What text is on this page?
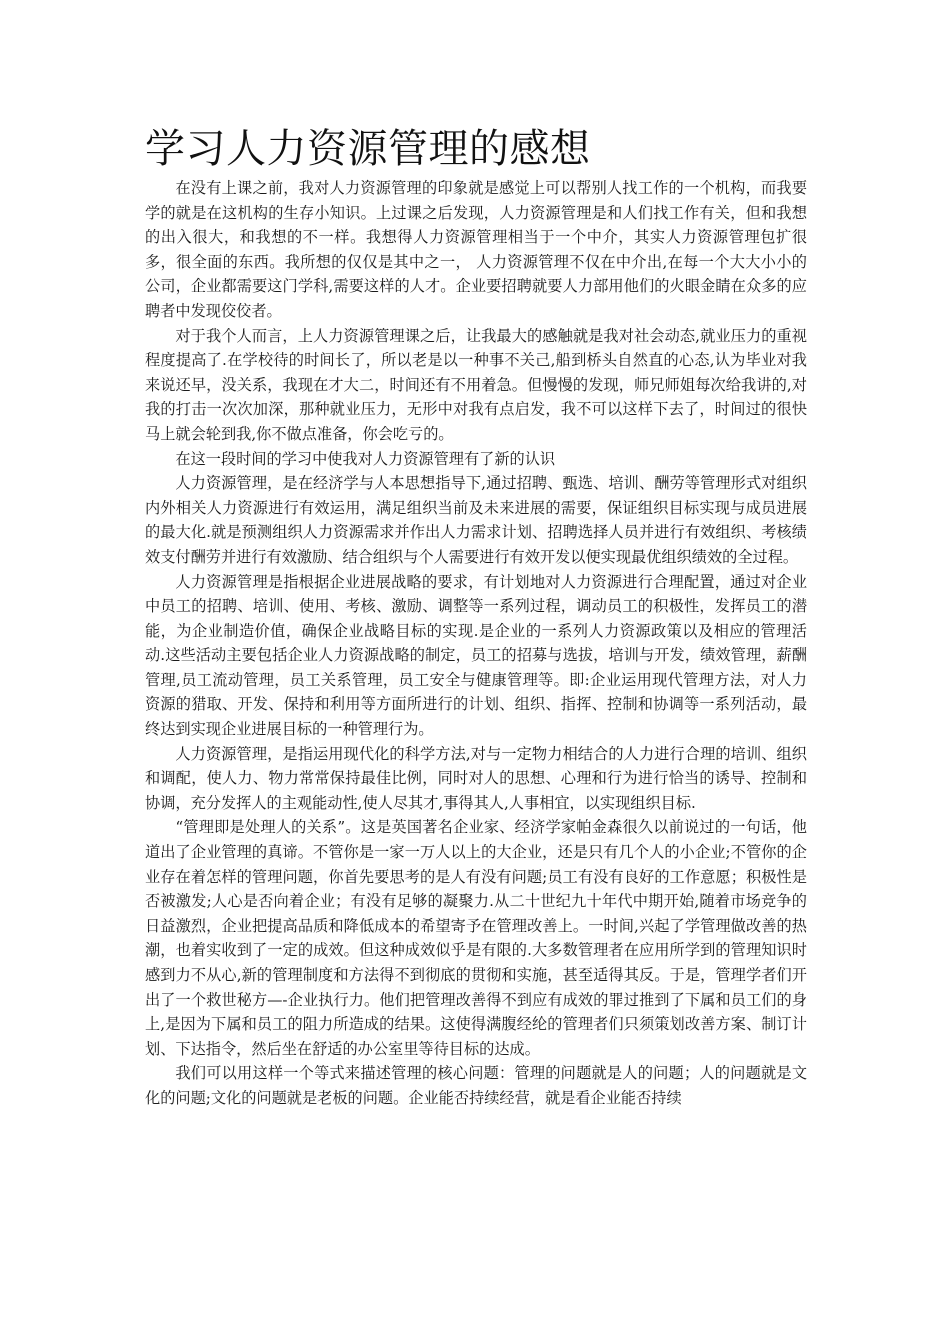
学习人力资源管理的感想

在没有上课之前，我对人力资源管理的印象就是感觉上可以帮别人找工作的一个机构，而我要学的就是在这机构的生存小知识。上过课之后发现，人力资源管理是和人们找工作有关，但和我想的出入很大，和我想的不一样。我想得人力资源管理相当于一个中介，其实人力资源管理包扩很多，很全面的东西。我所想的仅仅是其中之一， 人力资源管理不仅在中介出,在每一个大大小小的公司，企业都需要这门学科,需要这样的人才。企业要招聘就要人力部用他们的火眼金睛在众多的应聘者中发现佼佼者。

对于我个人而言，上人力资源管理课之后，让我最大的感触就是我对社会动态,就业压力的重视程度提高了.在学校待的时间长了，所以老是以一种事不关己,船到桥头自然直的心态,认为毕业对我来说还早，没关系，我现在才大二，时间还有不用着急。但慢慢的发现，师兄师姐每次给我讲的,对我的打击一次次加深，那种就业压力，无形中对我有点启发，我不可以这样下去了，时间过的很快马上就会轮到我,你不做点准备，你会吃亏的。

在这一段时间的学习中使我对人力资源管理有了新的认识

人力资源管理，是在经济学与人本思想指导下,通过招聘、甄选、培训、酬劳等管理形式对组织内外相关人力资源进行有效运用，满足组织当前及未来进展的需要，保证组织目标实现与成员进展的最大化.就是预测组织人力资源需求并作出人力需求计划、招聘选择人员并进行有效组织、考核绩效支付酬劳并进行有效激励、结合组织与个人需要进行有效开发以便实现最优组织绩效的全过程。

人力资源管理是指根据企业进展战略的要求，有计划地对人力资源进行合理配置，通过对企业中员工的招聘、培训、使用、考核、激励、调整等一系列过程，调动员工的积极性，发挥员工的潜能，为企业制造价值，确保企业战略目标的实现.是企业的一系列人力资源政策以及相应的管理活动.这些活动主要包括企业人力资源战略的制定，员工的招募与选拔，培训与开发，绩效管理，薪酬管理,员工流动管理，员工关系管理，员工安全与健康管理等。即:企业运用现代管理方法，对人力资源的猎取、开发、保持和利用等方面所进行的计划、组织、指挥、控制和协调等一系列活动，最终达到实现企业进展目标的一种管理行为。

人力资源管理，是指运用现代化的科学方法,对与一定物力相结合的人力进行合理的培训、组织和调配，使人力、物力常常保持最佳比例，同时对人的思想、心理和行为进行恰当的诱导、控制和协调，充分发挥人的主观能动性,使人尽其才,事得其人,人事相宜，以实现组织目标.

“管理即是处理人的关系”。这是英国著名企业家、经济学家帕金森很久以前说过的一句话，他道出了企业管理的真谛。不管你是一家一万人以上的大企业，还是只有几个人的小企业;不管你的企业存在着怎样的管理问题，你首先要思考的是人有没有问题;员工有没有良好的工作意愿；积极性是否被激发;人心是否向着企业；有没有足够的凝聚力.从二十世纪九十年代中期开始,随着市场竞争的日益激烈，企业把提高品质和降低成本的希望寄予在管理改善上。一时间,兴起了学管理做改善的热潮，也着实收到了一定的成效。但这种成效似乎是有限的.大多数管理者在应用所学到的管理知识时感到力不从心,新的管理制度和方法得不到彻底的贯彻和实施，甚至适得其反。于是，管理学者们开出了一个救世秘方—-企业执行力。他们把管理改善得不到应有成效的罪过推到了下属和员工们的身上,是因为下属和员工的阻力所造成的结果。这使得满腹经纶的管理者们只须策划改善方案、制订计划、下达指令，然后坐在舒适的办公室里等待目标的达成。

我们可以用这样一个等式来描述管理的核心问题：管理的问题就是人的问题；人的问题就是文化的问题;文化的问题就是老板的问题。企业能否持续经营，就是看企业能否持续
